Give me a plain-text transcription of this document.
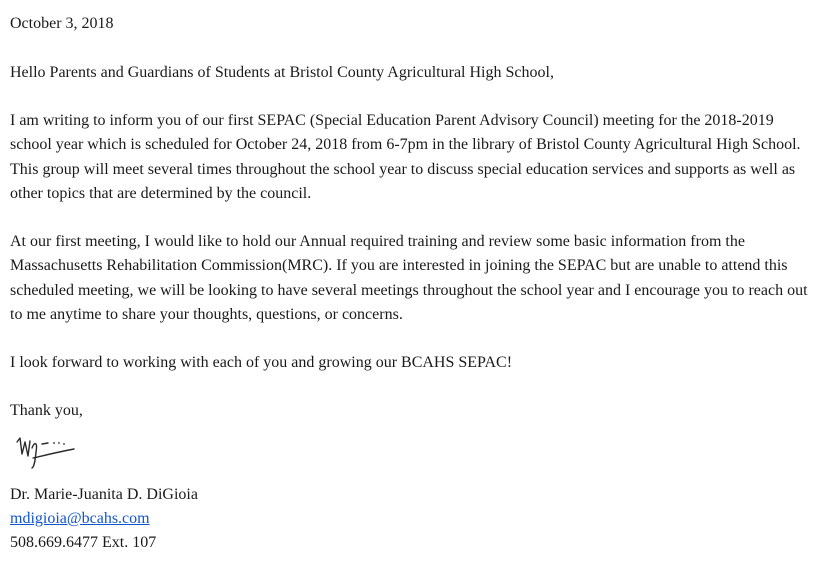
October 3, 2018
Hello Parents and Guardians of Students at Bristol County Agricultural High School,

I am writing to inform you of our first SEPAC (Special Education Parent Advisory Council) meeting for the 2018-2019 school year which is scheduled for October 24, 2018 from 6-7pm in the library of Bristol County Agricultural High School. This group will meet several times throughout the school year to discuss special education services and supports as well as other topics that are determined by the council.

At our first meeting, I would like to hold our Annual required training and review some basic information from the Massachusetts Rehabilitation Commission(MRC). If you are interested in joining the SEPAC but are unable to attend this scheduled meeting, we will be looking to have several meetings throughout the school year and I encourage you to reach out to me anytime to share your thoughts, questions, or concerns.

I look forward to working with each of you and growing our BCAHS SEPAC!
Thank you,
Dr. Marie-Juanita D. DiGioia
mdigioia@bcahs.com
508.669.6477 Ext. 107
